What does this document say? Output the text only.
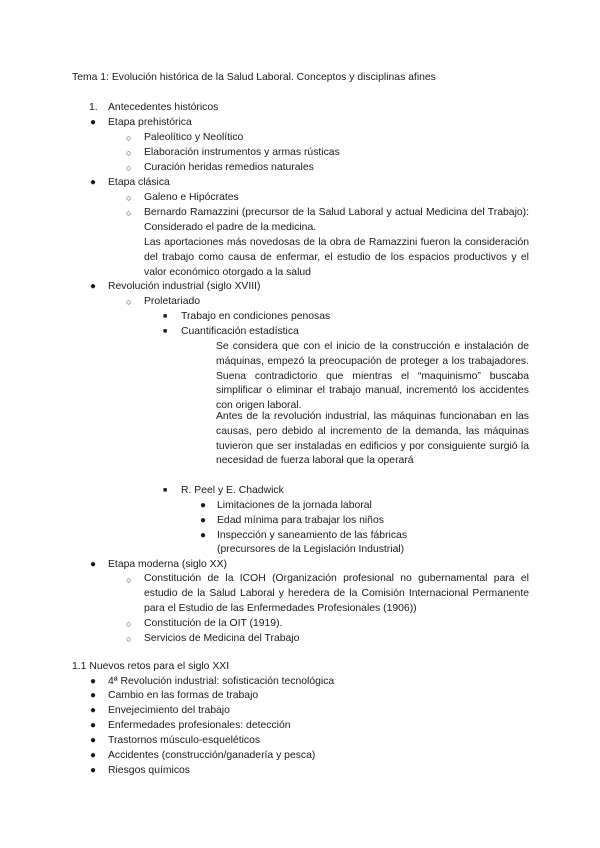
Tema 1: Evolución histórica de la Salud Laboral. Conceptos y disciplinas afines
1. Antecedentes históricos
● Etapa prehistórica
○ Paleolítico y Neolítico
○ Elaboración instrumentos y armas rústicas
○ Curación heridas remedios naturales
● Etapa clásica
○ Galeno e Hipócrates
○ Bernardo Ramazzini (precursor de la Salud Laboral y actual Medicina del Trabajo): Considerado el padre de la medicina.
Las aportaciones más novedosas de la obra de Ramazzini fueron la consideración del trabajo como causa de enfermar, el estudio de los espacios productivos y el valor económico otorgado a la salud
● Revolución industrial (siglo XVIII)
○ Proletariado
■ Trabajo en condiciones penosas
■ Cuantificación estadística
Se considera que con el inicio de la construcción e instalación de máquinas, empezó la preocupación de proteger a los trabajadores. Suena contradictorio que mientras el “maquinismo” buscaba simplificar o eliminar el trabajo manual, incrementó los accidentes con origen laboral.
Antes de la revolución industrial, las máquinas funcionaban en las causas, pero debido al incremento de la demanda, las máquinas tuvieron que ser instaladas en edificios y por consiguiente surgió la necesidad de fuerza laboral que la operará
■ R. Peel y E. Chadwick
● Limitaciones de la jornada laboral
● Edad mínima para trabajar los niños
● Inspección y saneamiento de las fábricas
(precursores de la Legislación Industrial)
● Etapa moderna (siglo XX)
○ Constitución de la ICOH (Organización profesional no gubernamental para el estudio de la Salud Laboral y heredera de la Comisión Internacional Permanente para el Estudio de las Enfermedades Profesionales (1906))
○ Constitución de la OIT (1919).
○ Servicios de Medicina del Trabajo
1.1 Nuevos retos para el siglo XXI
● 4ª Revolución industrial: sofisticación tecnológica
● Cambio en las formas de trabajo
● Envejecimiento del trabajo
● Enfermedades profesionales: detección
● Trastornos músculo-esqueléticos
● Accidentes (construcción/ganadería y pesca)
● Riesgos químicos
